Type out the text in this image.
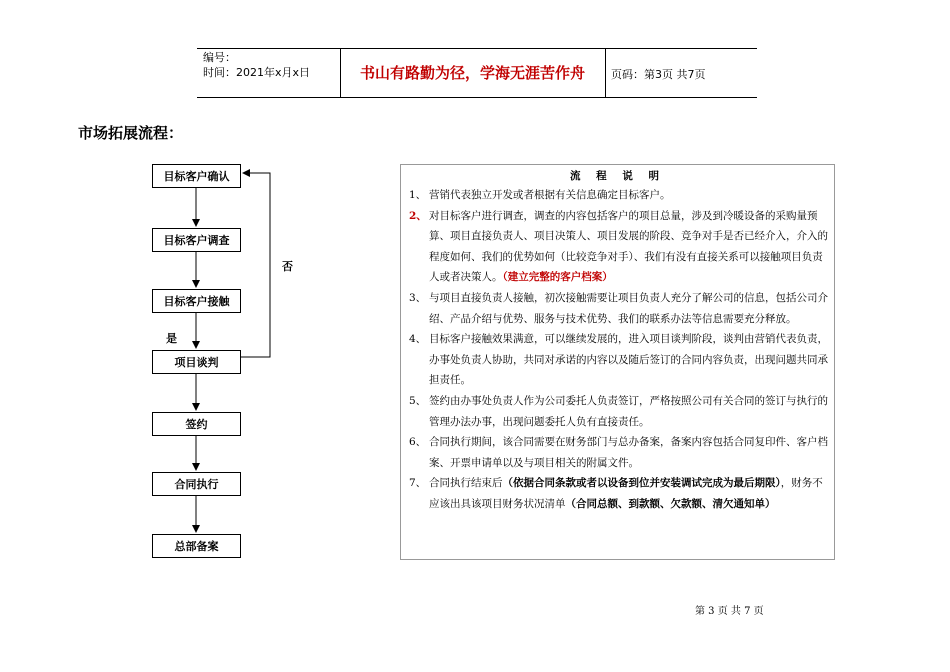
编号：
时间：2021年x月x日	书山有路勤为径，学海无涯苦作舟	页码：第3页 共7页
市场拓展流程：
目标客户确认
目标客户调查
目标客户接触
项目谈判
签约
合同执行
总部备案
否
是
流 程 说 明
1、 营销代表独立开发或者根据有关信息确定目标客户。
2、 对目标客户进行调查，调查的内容包括客户的项目总量，涉及到冷暖设备的采购量预算、项目直接负责人、项目决策人、项目发展的阶段、竞争对手是否已经介入，介入的程度如何、我们的优势如何（比较竞争对手）、我们有没有直接关系可以接触项目负责人或者决策人。（建立完整的客户档案）
3、 与项目直接负责人接触，初次接触需要让项目负责人充分了解公司的信息，包括公司介绍、产品介绍与优势、服务与技术优势、我们的联系办法等信息需要充分释放。
4、 目标客户接触效果满意，可以继续发展的，进入项目谈判阶段，谈判由营销代表负责，办事处负责人协助，共同对承诺的内容以及随后签订的合同内容负责，出现问题共同承担责任。
5、 签约由办事处负责人作为公司委托人负责签订，严格按照公司有关合同的签订与执行的管理办法办事，出现问题委托人负有直接责任。
6、 合同执行期间，该合同需要在财务部门与总办备案，备案内容包括合同复印件、客户档案、开票申请单以及与项目相关的附属文件。
7、 合同执行结束后（依据合同条款或者以设备到位并安装调试完成为最后期限），财务不应该出具该项目财务状况清单（合同总额、到款额、欠款额、清欠通知单）
第 3 页 共 7 页
